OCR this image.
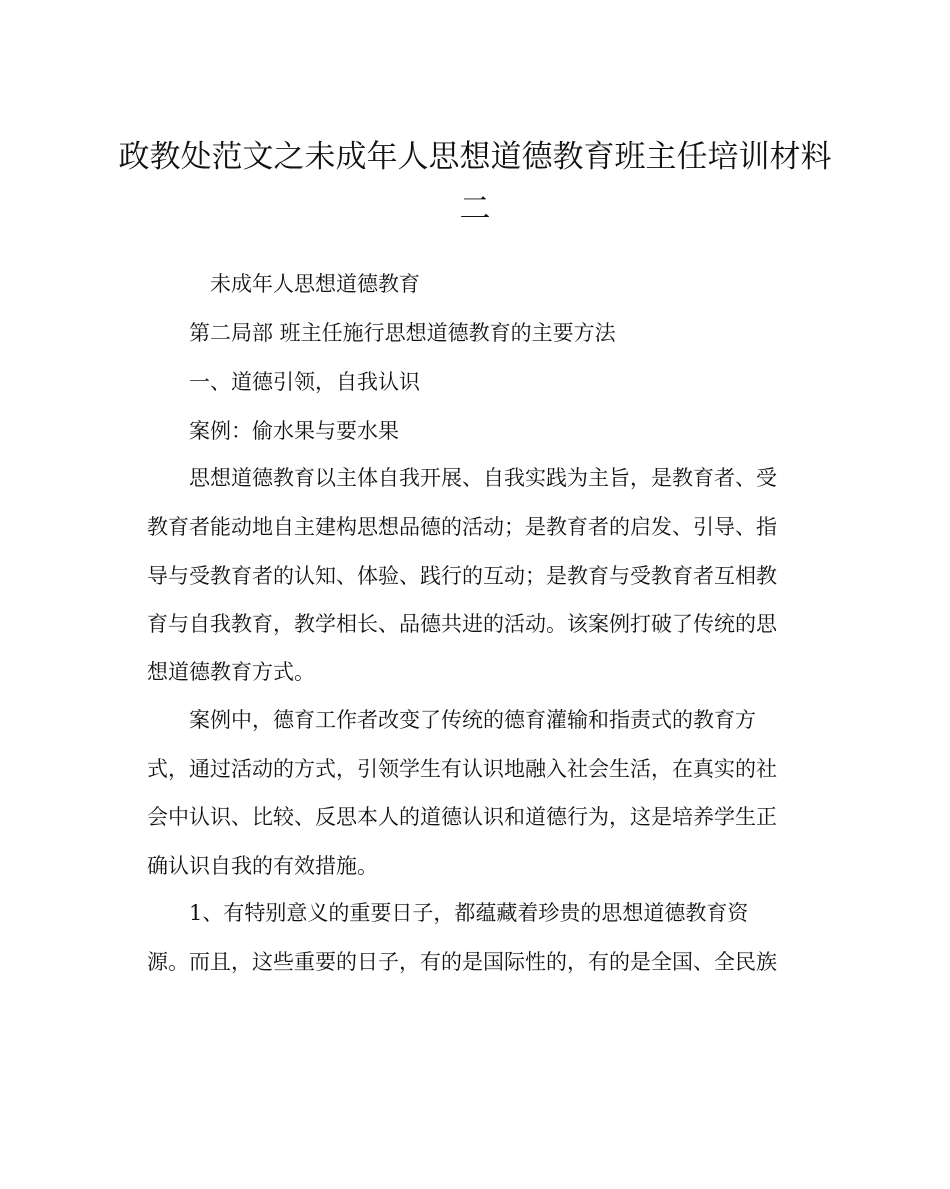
政教处范文之未成年人思想道德教育班主任培训材料
二

未成年人思想道德教育

第二局部 班主任施行思想道德教育的主要方法

一、道德引领，自我认识

案例：偷水果与要水果

思想道德教育以主体自我开展、自我实践为主旨，是教育者、受

教育者能动地自主建构思想品德的活动；是教育者的启发、引导、指

导与受教育者的认知、体验、践行的互动；是教育与受教育者互相教

育与自我教育，教学相长、品德共进的活动。该案例打破了传统的思

想道德教育方式。

案例中，德育工作者改变了传统的德育灌输和指责式的教育方

式，通过活动的方式，引领学生有认识地融入社会生活，在真实的社

会中认识、比较、反思本人的道德认识和道德行为，这是培养学生正

确认识自我的有效措施。

1、有特别意义的重要日子，都蕴藏着珍贵的思想道德教育资

源。而且，这些重要的日子，有的是国际性的，有的是全国、全民族
